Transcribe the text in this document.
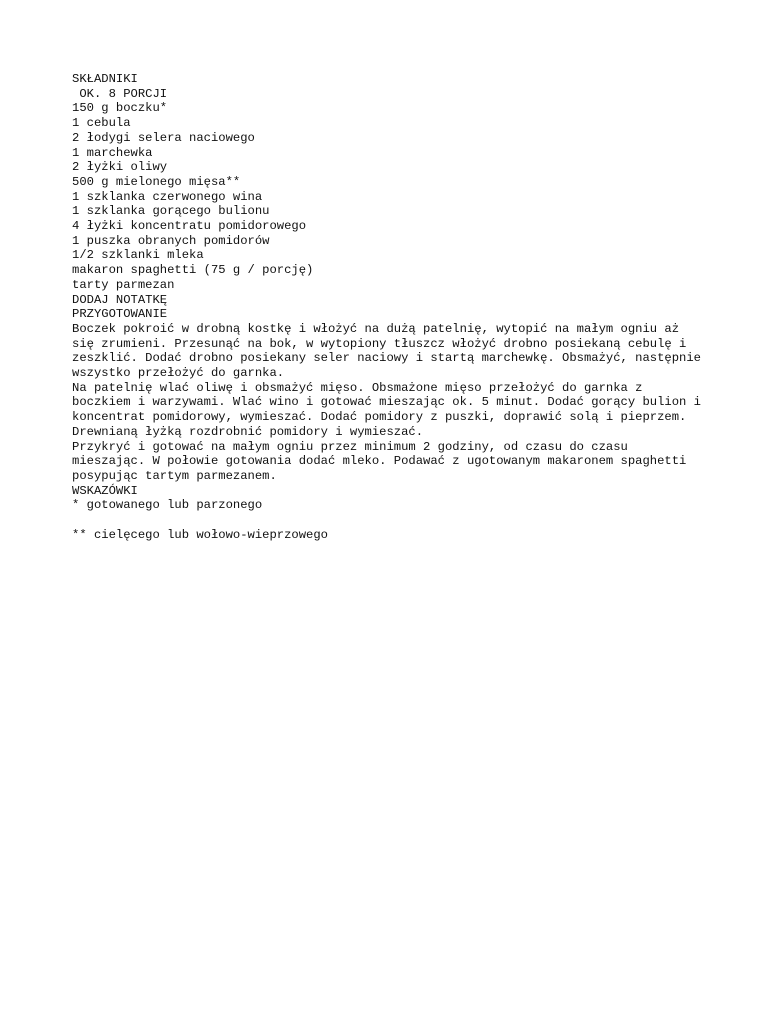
SKŁADNIKI
OK. 8 PORCJI
150 g boczku*
1 cebula
2 łodygi selera naciowego
1 marchewka
2 łyżki oliwy
500 g mielonego mięsa**
1 szklanka czerwonego wina
1 szklanka gorącego bulionu
4 łyżki koncentratu pomidorowego
1 puszka obranych pomidorów
1/2 szklanki mleka
makaron spaghetti (75 g / porcję)
tarty parmezan
DODAJ NOTATKĘ
PRZYGOTOWANIE

Boczek pokroić w drobną kostkę i włożyć na dużą patelnię, wytopić na małym ogniu aż się zrumieni. Przesunąć na bok, w wytopiony tłuszcz włożyć drobno posiekaną cebulę i zeszklić. Dodać drobno posiekany seler naciowy i startą marchewkę. Obsmażyć, następnie wszystko przełożyć do garnka.

Na patelnię wlać oliwę i obsmażyć mięso. Obsmażone mięso przełożyć do garnka z boczkiem i warzywami. Wlać wino i gotować mieszając ok. 5 minut. Dodać gorący bulion i koncentrat pomidorowy, wymieszać. Dodać pomidory z puszki, doprawić solą i pieprzem. Drewnianą łyżką rozdrobnić pomidory i wymieszać.

Przykryć i gotować na małym ogniu przez minimum 2 godziny, od czasu do czasu mieszając. W połowie gotowania dodać mleko. Podawać z ugotowanym makaronem spaghetti posypując tartym parmezanem.

WSKAZÓWKI
* gotowanego lub parzonego
** cielęcego lub wołowo-wieprzowego
